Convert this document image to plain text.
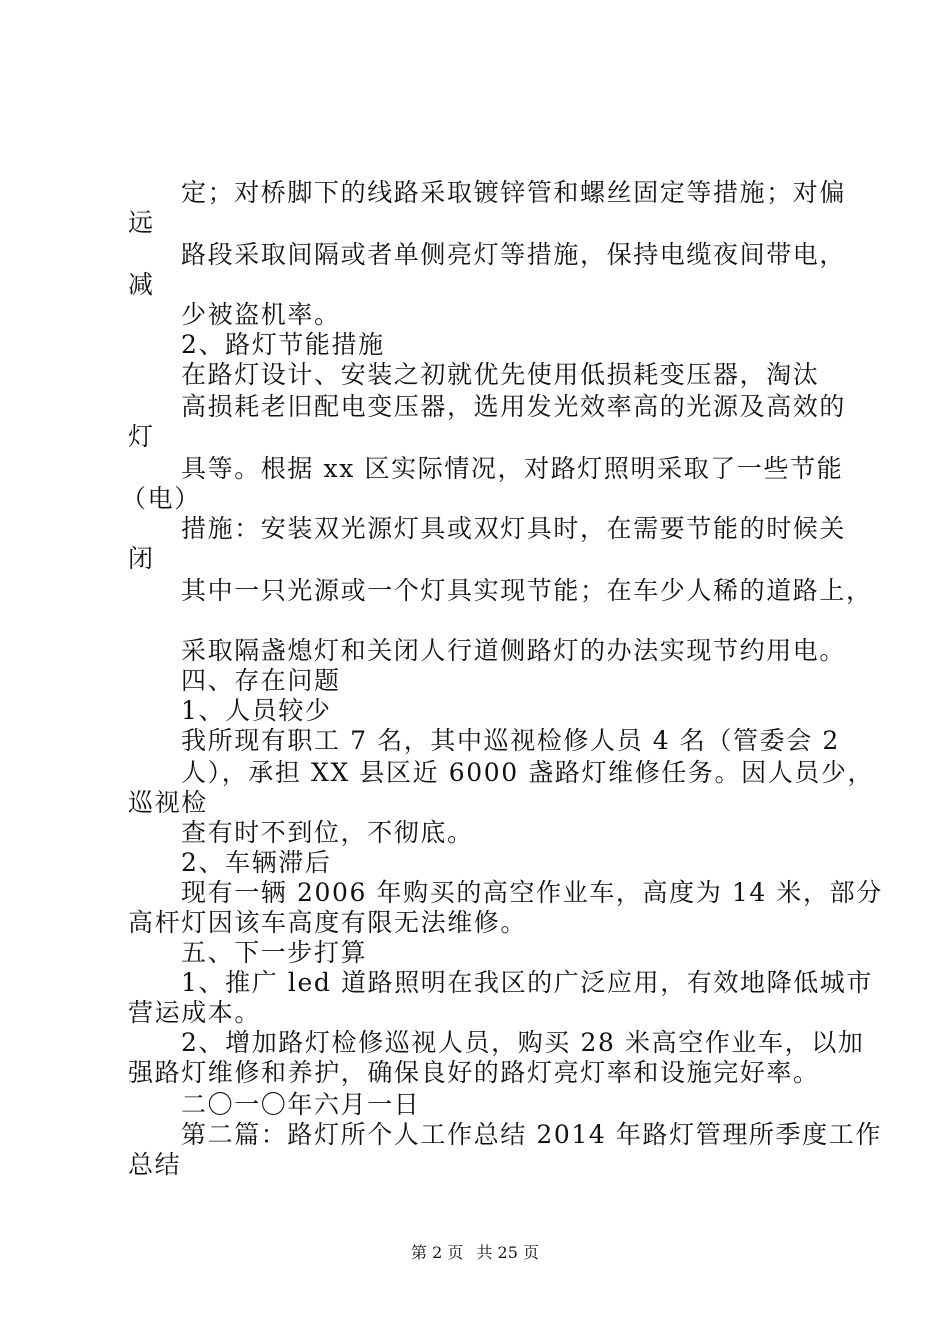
定；对桥脚下的线路采取镀锌管和螺丝固定等措施；对偏
远
路段采取间隔或者单侧亮灯等措施，保持电缆夜间带电，
减
少被盗机率。
2、路灯节能措施
在路灯设计、安装之初就优先使用低损耗变压器，淘汰
高损耗老旧配电变压器，选用发光效率高的光源及高效的
灯
具等。根据 xx 区实际情况，对路灯照明采取了一些节能
（电）
措施：安装双光源灯具或双灯具时，在需要节能的时候关
闭
其中一只光源或一个灯具实现节能；在车少人稀的道路上，
采取隔盏熄灯和关闭人行道侧路灯的办法实现节约用电。
四、存在问题
1、人员较少
我所现有职工 7 名，其中巡视检修人员 4 名（管委会 2
人），承担 XX 县区近 6000 盏路灯维修任务。因人员少，
巡视检
查有时不到位，不彻底。
2、车辆滞后
现有一辆 2006 年购买的高空作业车，高度为 14 米，部分
高杆灯因该车高度有限无法维修。
五、下一步打算
1、推广 led 道路照明在我区的广泛应用，有效地降低城市
营运成本。
2、增加路灯检修巡视人员，购买 28 米高空作业车，以加
强路灯维修和养护，确保良好的路灯亮灯率和设施完好率。
二〇一〇年六月一日
第二篇：路灯所个人工作总结 2014 年路灯管理所季度工作
总结
第 2 页 共 25 页
